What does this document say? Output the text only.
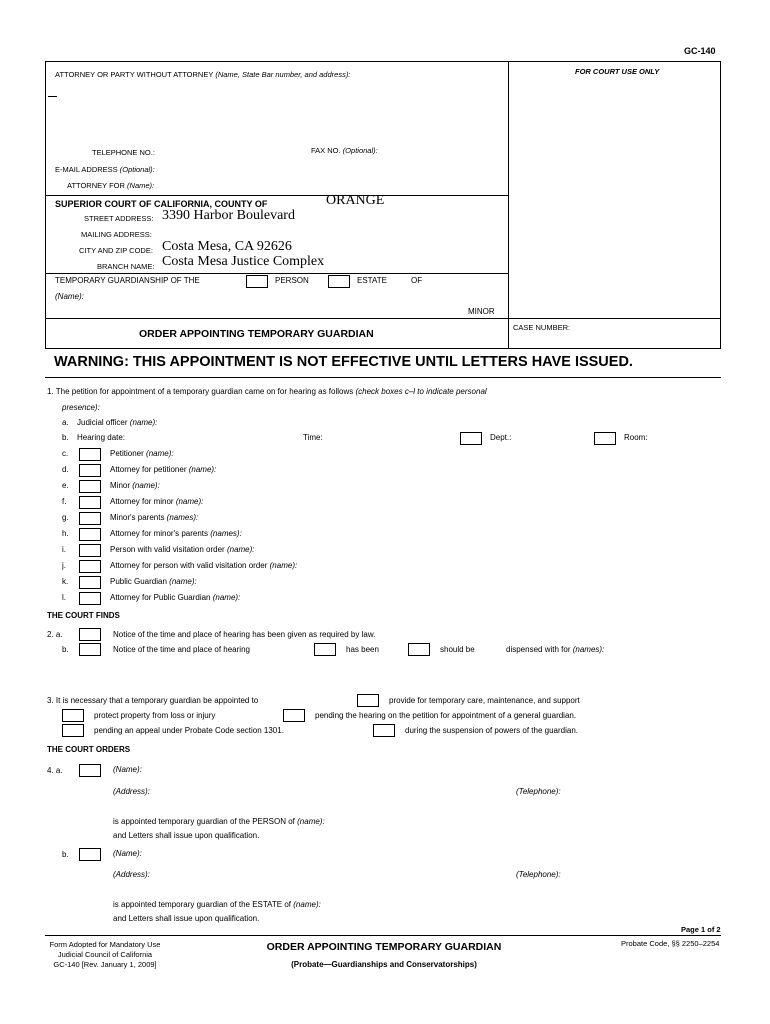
GC-140
ATTORNEY OR PARTY WITHOUT ATTORNEY (Name, State Bar number, and address):	FOR COURT USE ONLY
TELEPHONE NO.:	FAX NO. (Optional):
E-MAIL ADDRESS (Optional):
ATTORNEY FOR (Name):
SUPERIOR COURT OF CALIFORNIA, COUNTY OF	ORANGE
STREET ADDRESS: 3390 Harbor Boulevard
MAILING ADDRESS:
CITY AND ZIP CODE: Costa Mesa, CA 92626
BRANCH NAME: Costa Mesa Justice Complex
TEMPORARY GUARDIANSHIP OF THE	PERSON	ESTATE	OF
(Name):
MINOR
ORDER APPOINTING TEMPORARY GUARDIAN
CASE NUMBER:
WARNING: THIS APPOINTMENT IS NOT EFFECTIVE UNTIL LETTERS HAVE ISSUED.
1. The petition for appointment of a temporary guardian came on for hearing as follows (check boxes c–l to indicate personal
presence):
a. Judicial officer (name):
b. Hearing date:	Time:	Dept.:	Room:
c.	Petitioner (name):
d.	Attorney for petitioner (name):
e.	Minor (name):
f.	Attorney for minor (name):
g.	Minor's parents (names):
h.	Attorney for minor's parents (names):
i.	Person with valid visitation order (name):
j.	Attorney for person with valid visitation order (name):
k.	Public Guardian (name):
l.	Attorney for Public Guardian (name):
THE COURT FINDS
2. a.	Notice of the time and place of hearing has been given as required by law.
b.	Notice of the time and place of hearing	has been	should be	dispensed with for (names):
3. It is necessary that a temporary guardian be appointed to	provide for temporary care, maintenance, and support
protect property from loss or injury	pending the hearing on the petition for appointment of a general guardian.
pending an appeal under Probate Code section 1301.	during the suspension of powers of the guardian.
THE COURT ORDERS
4. a.	(Name):
(Address):	(Telephone):
is appointed temporary guardian of the PERSON of (name):
and Letters shall issue upon qualification.
b.	(Name):
(Address):	(Telephone):
is appointed temporary guardian of the ESTATE of (name):
and Letters shall issue upon qualification.
Page 1 of 2
Form Adopted for Mandatory Use
Judicial Council of California
GC-140 [Rev. January 1, 2009]
ORDER APPOINTING TEMPORARY GUARDIAN
(Probate—Guardianships and Conservatorships)
Probate Code, §§ 2250–2254
